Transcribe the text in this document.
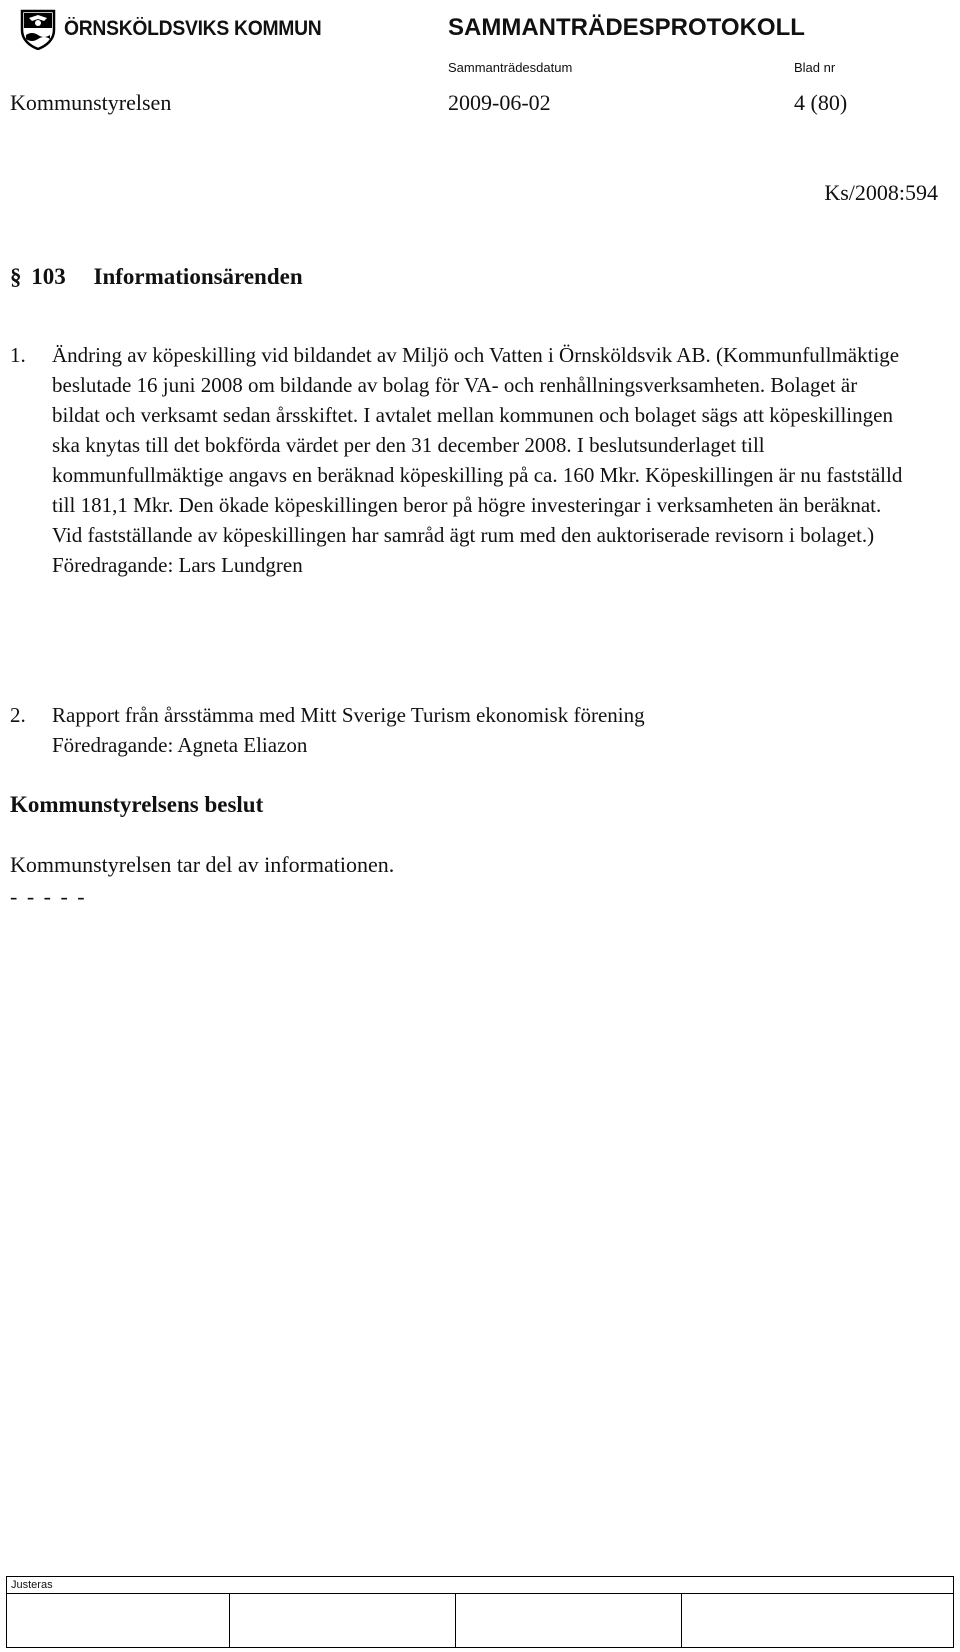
ÖRNSKÖLDSVIKS KOMMUN	SAMMANTRÄDESPROTOKOLL
Sammanträdesdatum	Blad nr
Kommunstyrelsen	2009-06-02	4 (80)
Ks/2008:594
§ 103 Informationsärenden
1. Ändring av köpeskilling vid bildandet av Miljö och Vatten i Örnsköldsvik AB. (Kommunfullmäktige beslutade 16 juni 2008 om bildande av bolag för VA- och renhållningsverksamheten. Bolaget är bildat och verksamt sedan årsskiftet. I avtalet mellan kommunen och bolaget sägs att köpeskillingen ska knytas till det bokförda värdet per den 31 december 2008. I beslutsunderlaget till kommunfullmäktige angavs en beräknad köpeskilling på ca. 160 Mkr. Köpeskillingen är nu fastställd till 181,1 Mkr. Den ökade köpeskillingen beror på högre investeringar i verksamheten än beräknat. Vid fastställande av köpeskillingen har samråd ägt rum med den auktoriserade revisorn i bolaget.)
Föredragande: Lars Lundgren
2. Rapport från årsstämma med Mitt Sverige Turism ekonomisk förening
Föredragande: Agneta Eliazon
Kommunstyrelsens beslut
Kommunstyrelsen tar del av informationen.
- - - - -
Justeras
